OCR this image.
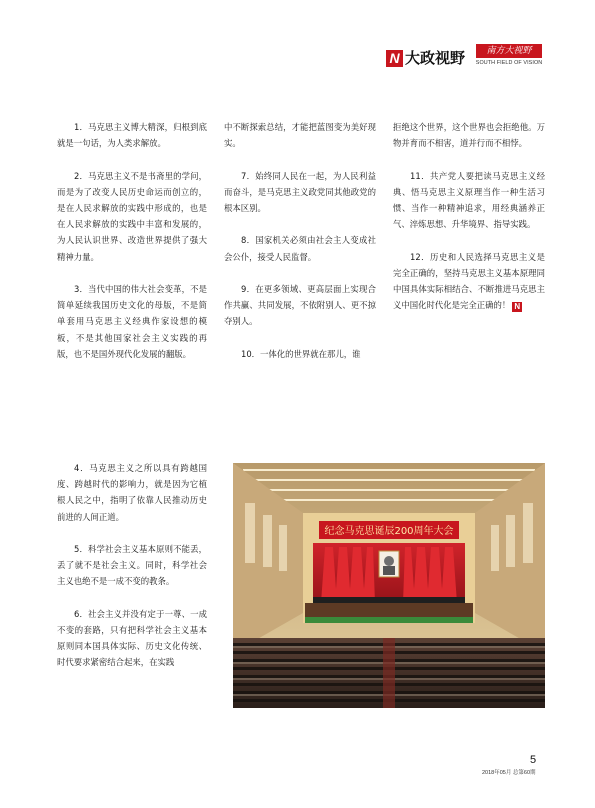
N 大政视野	南方大视野
SOUTH FIELD OF VISION

1．马克思主义博大精深，归根到底就是一句话，为人类求解放。

2．马克思主义不是书斋里的学问，而是为了改变人民历史命运而创立的，是在人民求解放的实践中形成的，也是在人民求解放的实践中丰富和发展的，为人民认识世界、改造世界提供了强大精神力量。

3．当代中国的伟大社会变革，不是简单延续我国历史文化的母版，不是简单套用马克思主义经典作家设想的模板，不是其他国家社会主义实践的再版，也不是国外现代化发展的翻版。

4．马克思主义之所以具有跨越国度、跨越时代的影响力，就是因为它植根人民之中，指明了依靠人民推动历史前进的人间正道。

5．科学社会主义基本原则不能丢，丢了就不是社会主义。同时，科学社会主义也绝不是一成不变的教条。

6．社会主义并没有定于一尊、一成不变的套路，只有把科学社会主义基本原则同本国具体实际、历史文化传统、时代要求紧密结合起来，在实践

中不断探索总结，才能把蓝图变为美好现实。

7．始终同人民在一起，为人民利益而奋斗，是马克思主义政党同其他政党的根本区别。

8．国家机关必须由社会主人变成社会公仆，接受人民监督。

9．在更多领域、更高层面上实现合作共赢、共同发展，不依附别人、更不掠夺别人。

10．一体化的世界就在那儿，谁

拒绝这个世界，这个世界也会拒绝他。万物并育而不相害，道并行而不相悖。

11．共产党人要把读马克思主义经典、悟马克思主义原理当作一种生活习惯、当作一种精神追求，用经典涵养正气、淬炼思想、升华境界、指导实践。

12．历史和人民选择马克思主义是完全正确的，坚持马克思主义基本原理同中国具体实际相结合、不断推进马克思主义中国化时代化是完全正确的！ N

纪念马克思诞辰200周年大会
5
2018年05月 总第60期
